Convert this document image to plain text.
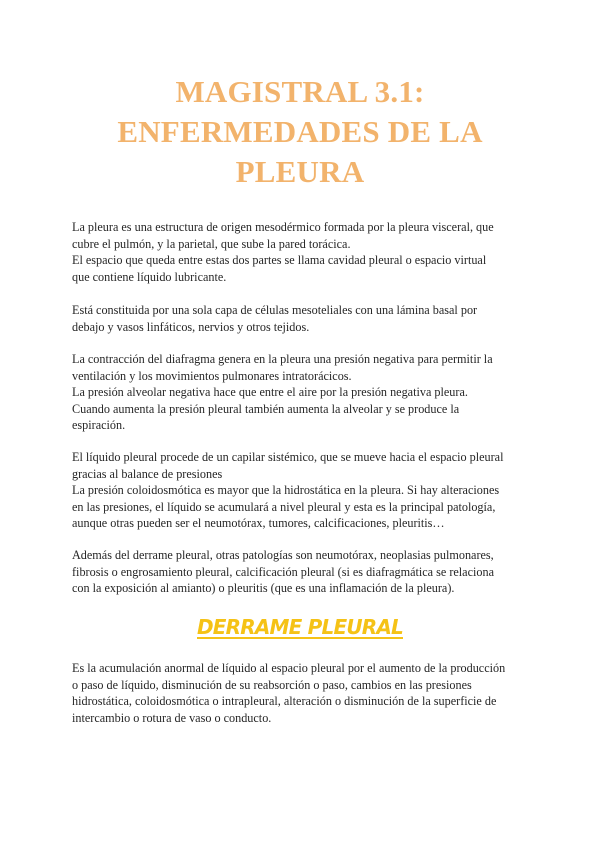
MAGISTRAL 3.1:
ENFERMEDADES DE LA
PLEURA

La pleura es una estructura de origen mesodérmico formada por la pleura visceral, que
cubre el pulmón, y la parietal, que sube la pared torácica.
El espacio que queda entre estas dos partes se llama cavidad pleural o espacio virtual
que contiene líquido lubricante.

Está constituida por una sola capa de células mesoteliales con una lámina basal por
debajo y vasos linfáticos, nervios y otros tejidos.

La contracción del diafragma genera en la pleura una presión negativa para permitir la
ventilación y los movimientos pulmonares intratorácicos.
La presión alveolar negativa hace que entre el aire por la presión negativa pleura.
Cuando aumenta la presión pleural también aumenta la alveolar y se produce la
espiración.

El líquido pleural procede de un capilar sistémico, que se mueve hacia el espacio pleural
gracias al balance de presiones
La presión coloidosmótica es mayor que la hidrostática en la pleura. Si hay alteraciones
en las presiones, el líquido se acumulará a nivel pleural y esta es la principal patología,
aunque otras pueden ser el neumotórax, tumores, calcificaciones, pleuritis…

Además del derrame pleural, otras patologías son neumotórax, neoplasias pulmonares,
fibrosis o engrosamiento pleural, calcificación pleural (si es diafragmática se relaciona
con la exposición al amianto) o pleuritis (que es una inflamación de la pleura).

DERRAME PLEURAL

Es la acumulación anormal de líquido al espacio pleural por el aumento de la producción
o paso de líquido, disminución de su reabsorción o paso, cambios en las presiones
hidrostática, coloidosmótica o intrapleural, alteración o disminución de la superficie de
intercambio o rotura de vaso o conducto.
